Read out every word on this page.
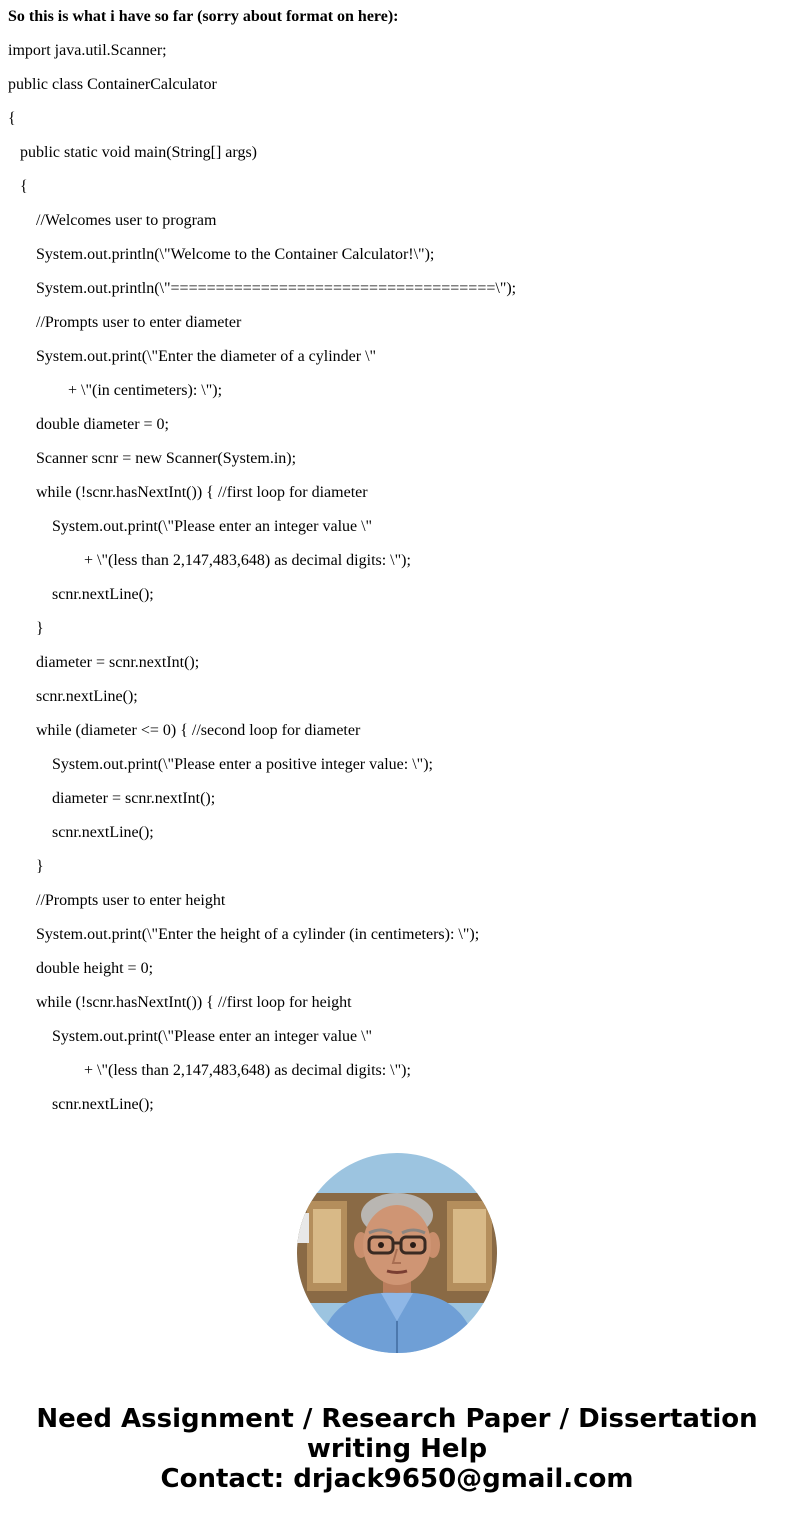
So this is what i have so far (sorry about format on here):
import java.util.Scanner;
public class ContainerCalculator
{
public static void main(String[] args)
{
//Welcomes user to program
System.out.println(\"Welcome to the Container Calculator!\");
System.out.println(\"====================================\");
//Prompts user to enter diameter
System.out.print(\"Enter the diameter of a cylinder \"
+ \"(in centimeters): \");
double diameter = 0;
Scanner scnr = new Scanner(System.in);
while (!scnr.hasNextInt()) { //first loop for diameter
System.out.print(\"Please enter an integer value \"
+ \"(less than 2,147,483,648) as decimal digits: \");
scnr.nextLine();
}
diameter = scnr.nextInt();
scnr.nextLine();
while (diameter <= 0) { //second loop for diameter
System.out.print(\"Please enter a positive integer value: \");
diameter = scnr.nextInt();
scnr.nextLine();
}
//Prompts user to enter height
System.out.print(\"Enter the height of a cylinder (in centimeters): \");
double height = 0;
while (!scnr.hasNextInt()) { //first loop for height
System.out.print(\"Please enter an integer value \"
+ \"(less than 2,147,483,648) as decimal digits: \");
scnr.nextLine();
Need Assignment / Research Paper / Dissertation
writing Help
Contact: drjack9650@gmail.com
